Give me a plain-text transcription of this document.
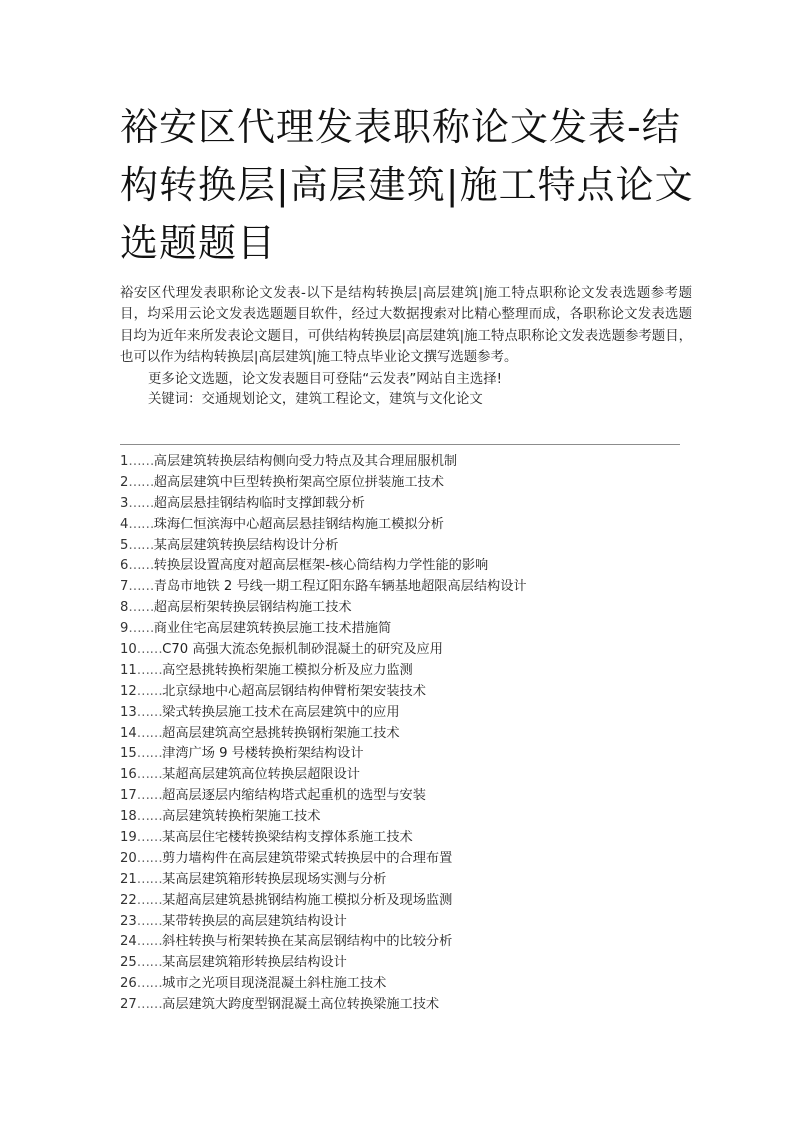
裕安区代理发表职称论文发表-结构转换层|高层建筑|施工特点论文选题题目

裕安区代理发表职称论文发表-以下是结构转换层|高层建筑|施工特点职称论文发表选题参考题目，均采用云论文发表选题题目软件，经过大数据搜索对比精心整理而成，各职称论文发表选题目均为近年来所发表论文题目，可供结构转换层|高层建筑|施工特点职称论文发表选题参考题目，也可以作为结构转换层|高层建筑|施工特点毕业论文撰写选题参考。

更多论文选题，论文发表题目可登陆“云发表”网站自主选择!

关键词：交通规划论文，建筑工程论文，建筑与文化论文

1……高层建筑转换层结构侧向受力特点及其合理屈服机制
2……超高层建筑中巨型转换桁架高空原位拼装施工技术
3……超高层悬挂钢结构临时支撑卸载分析
4……珠海仁恒滨海中心超高层悬挂钢结构施工模拟分析
5……某高层建筑转换层结构设计分析
6……转换层设置高度对超高层框架-核心筒结构力学性能的影响
7……青岛市地铁 2 号线一期工程辽阳东路车辆基地超限高层结构设计
8……超高层桁架转换层钢结构施工技术
9……商业住宅高层建筑转换层施工技术措施简
10……C70 高强大流态免振机制砂混凝土的研究及应用
11……高空悬挑转换桁架施工模拟分析及应力监测
12……北京绿地中心超高层钢结构伸臂桁架安装技术
13……梁式转换层施工技术在高层建筑中的应用
14……超高层建筑高空悬挑转换钢桁架施工技术
15……津湾广场 9 号楼转换桁架结构设计
16……某超高层建筑高位转换层超限设计
17……超高层逐层内缩结构塔式起重机的选型与安装
18……高层建筑转换桁架施工技术
19……某高层住宅楼转换梁结构支撑体系施工技术
20……剪力墙构件在高层建筑带梁式转换层中的合理布置
21……某高层建筑箱形转换层现场实测与分析
22……某超高层建筑悬挑钢结构施工模拟分析及现场监测
23……某带转换层的高层建筑结构设计
24……斜柱转换与桁架转换在某高层钢结构中的比较分析
25……某高层建筑箱形转换层结构设计
26……城市之光项目现浇混凝土斜柱施工技术
27……高层建筑大跨度型钢混凝土高位转换梁施工技术
